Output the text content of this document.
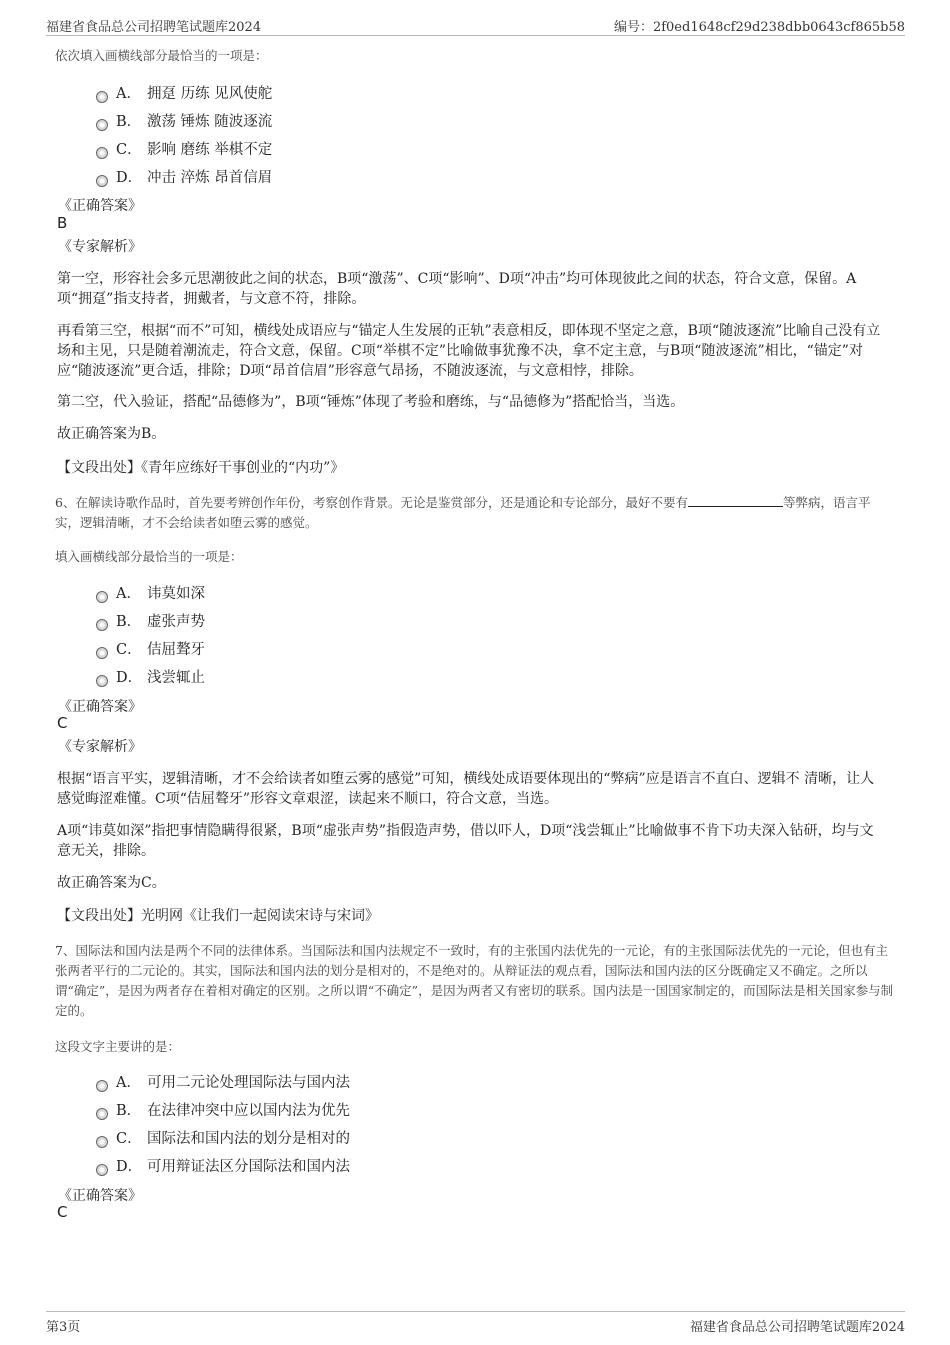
福建省食品总公司招聘笔试题库2024	编号：2f0ed1648cf29d238dbb0643cf865b58
依次填入画横线部分最恰当的一项是：
A． 拥趸 历练 见风使舵
B． 激荡 锤炼 随波逐流
C． 影响 磨练 举棋不定
D． 冲击 淬炼 昂首信眉
《正确答案》
B
《专家解析》

第一空，形容社会多元思潮彼此之间的状态，B项“激荡”、C项“影响”、D项“冲击”均可体现彼此之间的状态，符合文意，保留。A项“拥趸”指支持者，拥戴者，与文意不符，排除。

再看第三空，根据“而不”可知，横线处成语应与“锚定人生发展的正轨”表意相反，即体现不坚定之意，B项“随波逐流”比喻自己没有立场和主见，只是随着潮流走，符合文意，保留。C项“举棋不定”比喻做事犹豫不决，拿不定主意，与B项“随波逐流”相比，“锚定”对应“随波逐流”更合适，排除；D项“昂首信眉”形容意气昂扬，不随波逐流，与文意相悖，排除。

第二空，代入验证，搭配“品德修为”，B项“锤炼”体现了考验和磨练，与“品德修为”搭配恰当，当选。

故正确答案为B。

【文段出处】《青年应练好干事创业的“内功”》

6、在解读诗歌作品时，首先要考辨创作年份，考察创作背景。无论是鉴赏部分，还是通论和专论部分，最好不要有	等弊病，语言平实，逻辑清晰，才不会给读者如堕云雾的感觉。

填入画横线部分最恰当的一项是：
A． 讳莫如深
B． 虚张声势
C． 佶屈聱牙
D． 浅尝辄止
《正确答案》
C
《专家解析》

根据“语言平实，逻辑清晰，才不会给读者如堕云雾的感觉”可知，横线处成语要体现出的“弊病”应是语言不直白、逻辑不 清晰，让人感觉晦涩难懂。C项“佶屈聱牙”形容文章艰涩，读起来不顺口，符合文意，当选。

A项“讳莫如深”指把事情隐瞒得很紧，B项“虚张声势”指假造声势，借以吓人，D项“浅尝辄止”比喻做事不肯下功夫深入钻研，均与文意无关，排除。

故正确答案为C。

【文段出处】光明网《让我们一起阅读宋诗与宋词》

7、国际法和国内法是两个不同的法律体系。当国际法和国内法规定不一致时，有的主张国内法优先的一元论，有的主张国际法优先的一元论，但也有主张两者平行的二元论的。其实，国际法和国内法的划分是相对的，不是绝对的。从辩证法的观点看，国际法和国内法的区分既确定又不确定。之所以谓“确定”，是因为两者存在着相对确定的区别。之所以谓“不确定”，是因为两者又有密切的联系。国内法是一国国家制定的，而国际法是相关国家参与制定的。

这段文字主要讲的是：
A． 可用二元论处理国际法与国内法
B． 在法律冲突中应以国内法为优先
C． 国际法和国内法的划分是相对的
D． 可用辩证法区分国际法和国内法
《正确答案》
C
第3页	福建省食品总公司招聘笔试题库2024
